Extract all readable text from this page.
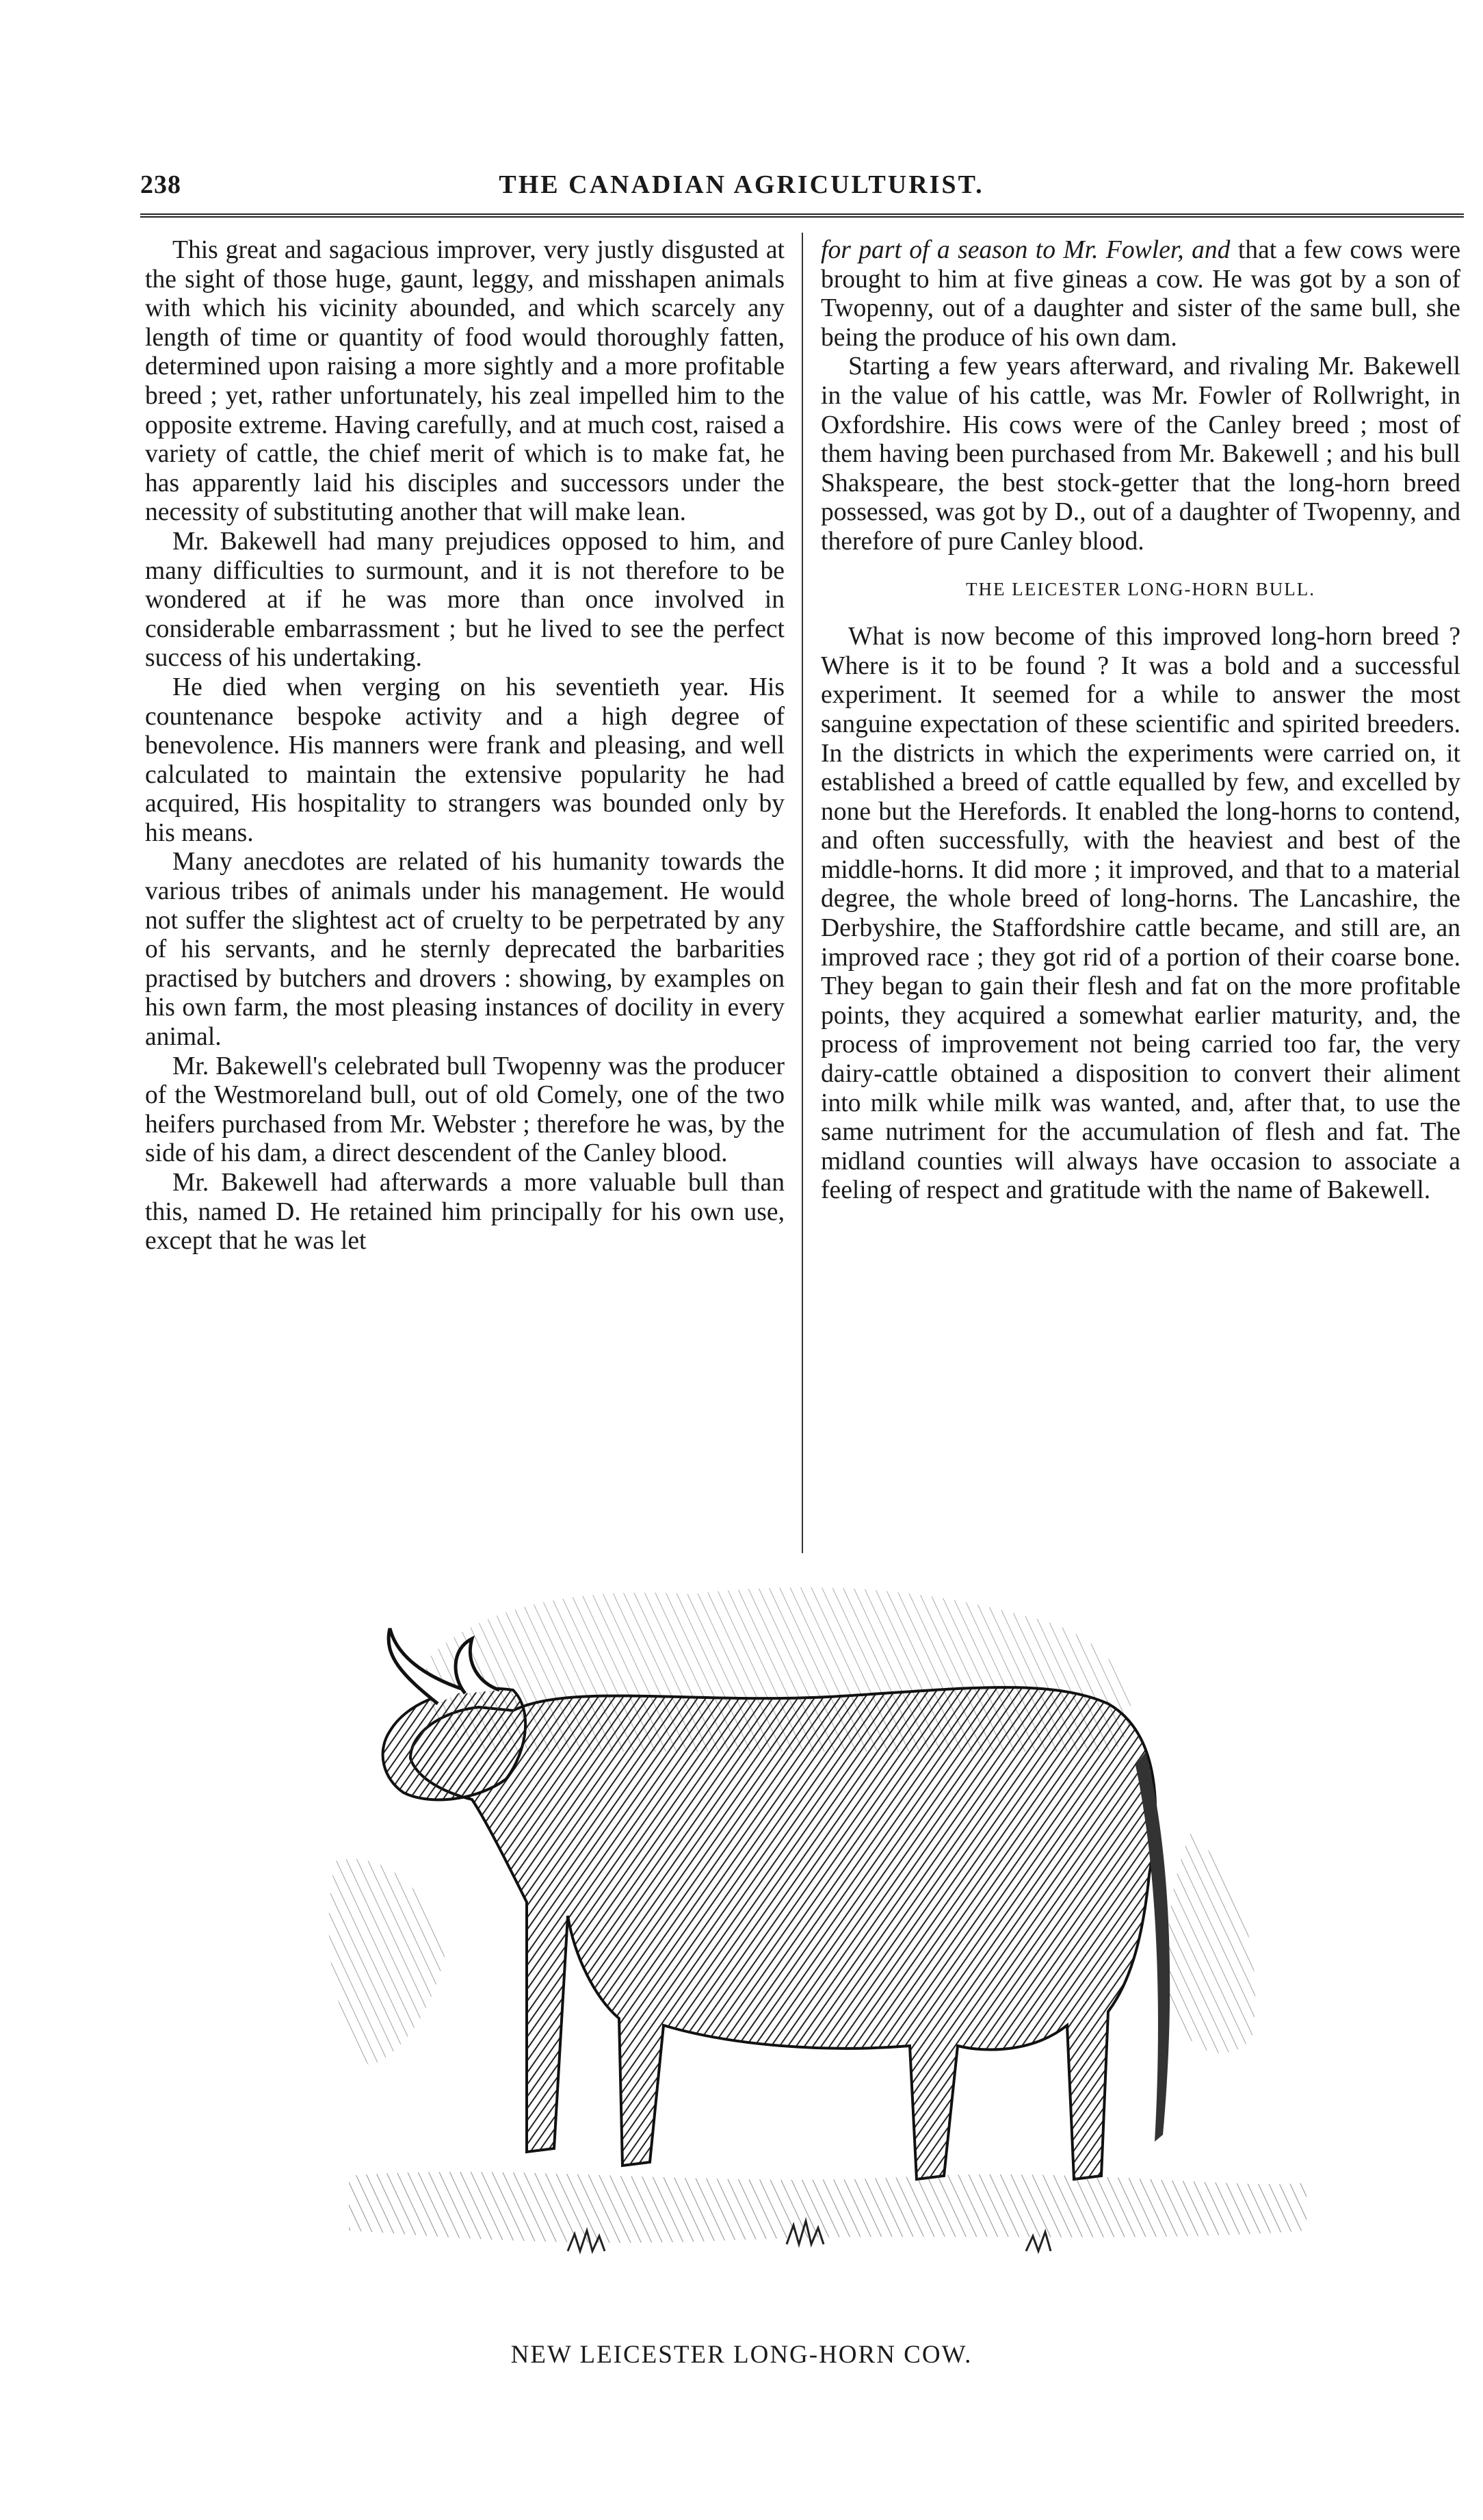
238	THE CANADIAN AGRICULTURIST.

This great and sagacious improver, very justly disgusted at the sight of those huge, gaunt, leggy, and misshapen animals with which his vicinity abounded, and which scarcely any length of time or quantity of food would thoroughly fatten, determined upon raising a more sightly and a more profitable breed ; yet, rather unfortunately, his zeal impelled him to the opposite extreme. Having carefully, and at much cost, raised a variety of cattle, the chief merit of which is to make fat, he has apparently laid his disciples and successors under the necessity of substituting another that will make lean.

Mr. Bakewell had many prejudices opposed to him, and many difficulties to surmount, and it is not therefore to be wondered at if he was more than once involved in considerable embarrassment ; but he lived to see the perfect success of his undertaking.

He died when verging on his seventieth year. His countenance bespoke activity and a high degree of benevolence. His manners were frank and pleasing, and well calculated to maintain the extensive popularity he had acquired, His hospitality to strangers was bounded only by his means.

Many anecdotes are related of his humanity towards the various tribes of animals under his management. He would not suffer the slightest act of cruelty to be perpetrated by any of his servants, and he sternly deprecated the barbarities practised by butchers and drovers : showing, by examples on his own farm, the most pleasing instances of docility in every animal.

Mr. Bakewell's celebrated bull Twopenny was the producer of the Westmoreland bull, out of old Comely, one of the two heifers purchased from Mr. Webster ; therefore he was, by the side of his dam, a direct descendent of the Canley blood.

Mr. Bakewell had afterwards a more valuable bull than this, named D. He retained him principally for his own use, except that he was let

for part of a season to Mr. Fowler, and that a few cows were brought to him at five gineas a cow. He was got by a son of Twopenny, out of a daughter and sister of the same bull, she being the produce of his own dam.

Starting a few years afterward, and rivaling Mr. Bakewell in the value of his cattle, was Mr. Fowler of Rollwright, in Oxfordshire. His cows were of the Canley breed ; most of them having been purchased from Mr. Bakewell ; and his bull Shakspeare, the best stock-getter that the long-horn breed possessed, was got by D., out of a daughter of Twopenny, and therefore of pure Canley blood.

THE LEICESTER LONG-HORN BULL.

What is now become of this improved long-horn breed ? Where is it to be found ? It was a bold and a successful experiment. It seemed for a while to answer the most sanguine expectation of these scientific and spirited breeders. In the districts in which the experiments were carried on, it established a breed of cattle equalled by few, and excelled by none but the Herefords. It enabled the long-horns to contend, and often successfully, with the heaviest and best of the middle-horns. It did more ; it improved, and that to a material degree, the whole breed of long-horns. The Lancashire, the Derbyshire, the Staffordshire cattle became, and still are, an improved race ; they got rid of a portion of their coarse bone. They began to gain their flesh and fat on the more profitable points, they acquired a somewhat earlier maturity, and, the process of improvement not being carried too far, the very dairy-cattle obtained a disposition to convert their aliment into milk while milk was wanted, and, after that, to use the same nutriment for the accumulation of flesh and fat. The midland counties will always have occasion to associate a feeling of respect and gratitude with the name of Bakewell.

NEW LEICESTER LONG-HORN COW.
